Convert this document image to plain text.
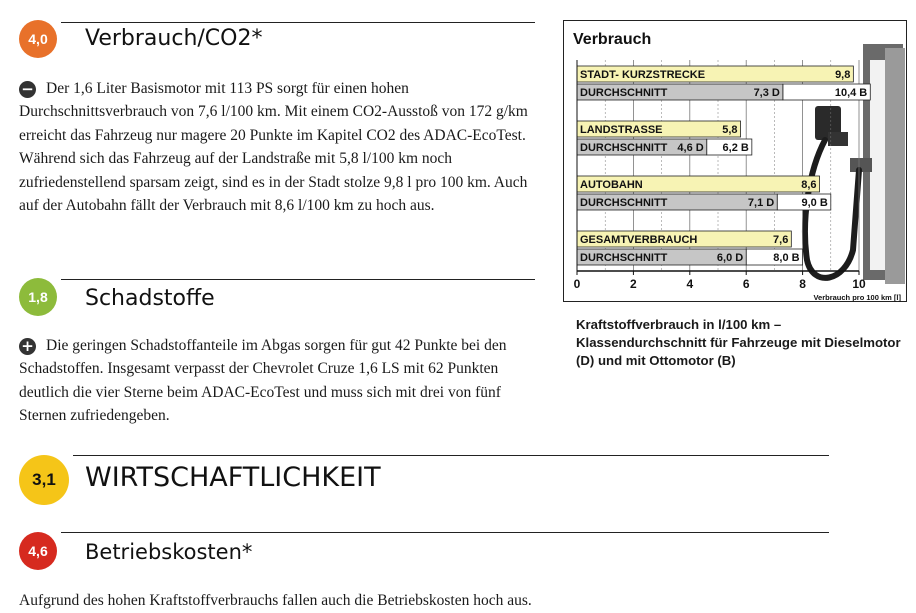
4,0 Verbrauch/CO2*

− Der 1,6 Liter Basismotor mit 113 PS sorgt für einen hohen Durchschnittsverbrauch von 7,6 l/100 km. Mit einem CO2-Ausstoß von 172 g/km erreicht das Fahrzeug nur magere 20 Punkte im Kapitel CO2 des ADAC-EcoTest. Während sich das Fahrzeug auf der Landstraße mit 5,8 l/100 km noch zufriedenstellend sparsam zeigt, sind es in der Stadt stolze 9,8 l pro 100 km. Auch auf der Autobahn fällt der Verbrauch mit 8,6 l/100 km zu hoch aus.

1,8 Schadstoffe

+ Die geringen Schadstoffanteile im Abgas sorgen für gut 42 Punkte bei den Schadstoffen. Insgesamt verpasst der Chevrolet Cruze 1,6 LS mit 62 Punkten deutlich die vier Sterne beim ADAC-EcoTest und muss sich mit drei von fünf Sternen zufriedengeben.

3,1 WIRTSCHAFTLICHKEIT
4,6 Betriebskosten*

Aufgrund des hohen Kraftstoffverbrauchs fallen auch die Betriebskosten hoch aus.

Verbrauch
STADT- KURZSTRECKE	9,8
DURCHSCHNITT	7,3 D	10,4 B
LANDSTRASSE	5,8
DURCHSCHNITT 4,6 D 6,2 B
AUTOBAHN	8,6
DURCHSCHNITT	7,1 D 9,0 B
GESAMTVERBRAUCH	7,6
DURCHSCHNITT	6,0 D	8,0 B
0	2	4	6	8	10
Verbrauch pro 100 km [l]

Kraftstoffverbrauch in l/100 km – Klassendurchschnitt für Fahrzeuge mit Dieselmotor (D) und mit Ottomotor (B)
